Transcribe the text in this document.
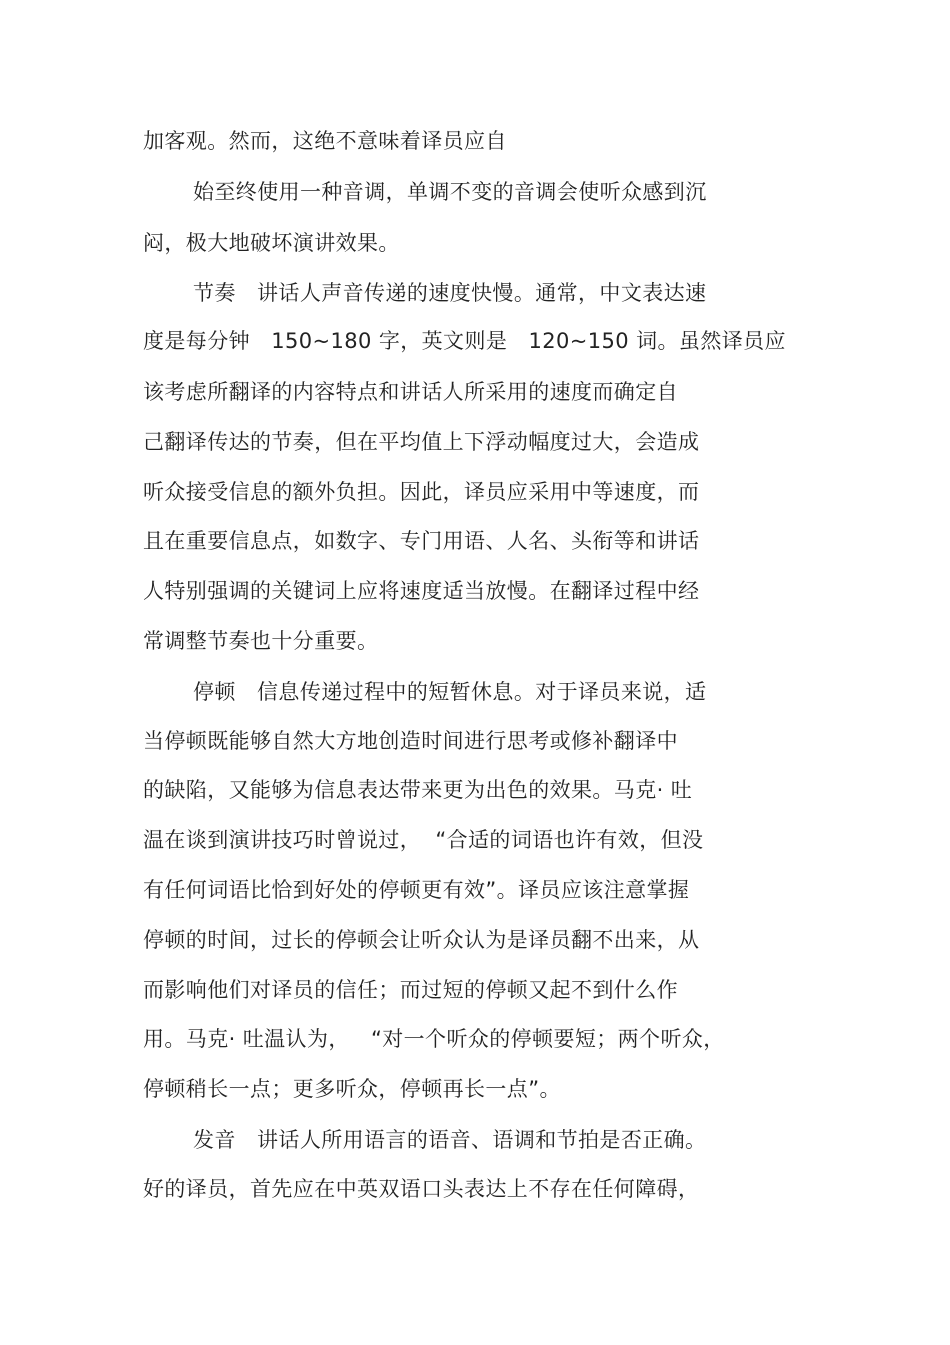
加客观。然而，这绝不意味着译员应自

始至终使用一种音调，单调不变的音调会使听众感到沉

闷，极大地破坏演讲效果。

节奏   讲话人声音传递的速度快慢。通常，中文表达速

度是每分钟   150~180 字，英文则是   120~150 词。虽然译员应

该考虑所翻译的内容特点和讲话人所采用的速度而确定自

己翻译传达的节奏，但在平均值上下浮动幅度过大，会造成

听众接受信息的额外负担。因此，译员应采用中等速度，而

且在重要信息点，如数字、专门用语、人名、头衔等和讲话

人特别强调的关键词上应将速度适当放慢。在翻译过程中经

常调整节奏也十分重要。

停顿   信息传递过程中的短暂休息。对于译员来说，适

当停顿既能够自然大方地创造时间进行思考或修补翻译中

的缺陷，又能够为信息表达带来更为出色的效果。马克· 吐

温在谈到演讲技巧时曾说过，  “合适的词语也许有效，但没

有任何词语比恰到好处的停顿更有效”。译员应该注意掌握

停顿的时间，过长的停顿会让听众认为是译员翻不出来，从

而影响他们对译员的信任；而过短的停顿又起不到什么作

用。马克· 吐温认为，   “对一个听众的停顿要短；两个听众，

停顿稍长一点；更多听众，停顿再长一点”。

发音   讲话人所用语言的语音、语调和节拍是否正确。

好的译员，首先应在中英双语口头表达上不存在任何障碍，
